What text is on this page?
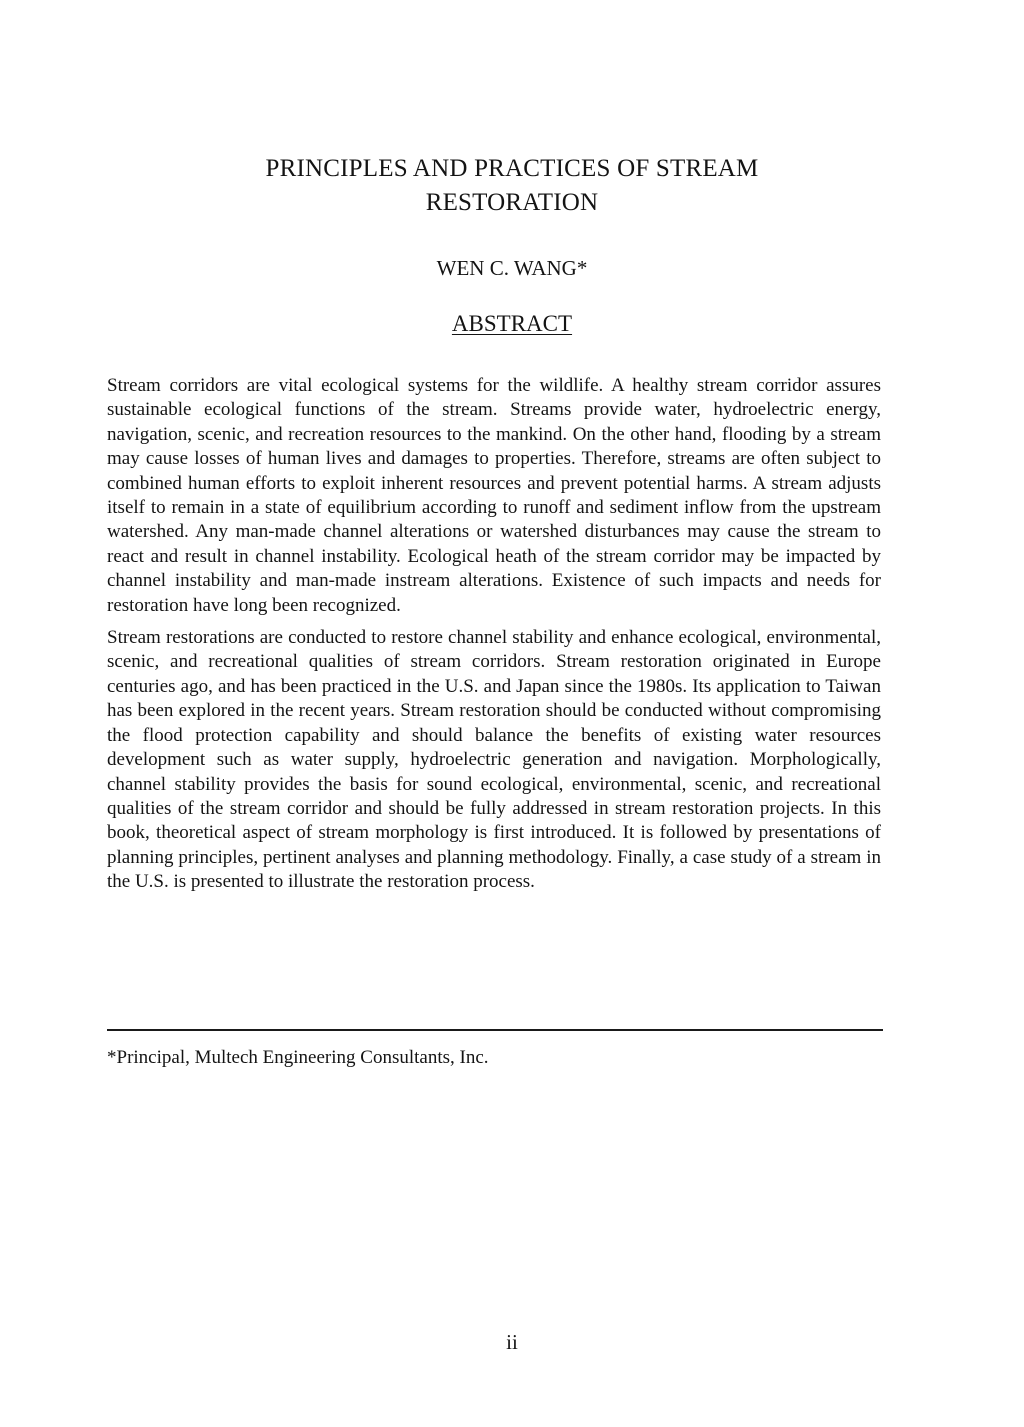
PRINCIPLES AND PRACTICES OF STREAM
RESTORATION
WEN C. WANG*
ABSTRACT

Stream corridors are vital ecological systems for the wildlife. A healthy stream corridor assures sustainable ecological functions of the stream. Streams provide water, hydroelectric energy, navigation, scenic, and recreation resources to the mankind. On the other hand, flooding by a stream may cause losses of human lives and damages to properties. Therefore, streams are often subject to combined human efforts to exploit inherent resources and prevent potential harms. A stream adjusts itself to remain in a state of equilibrium according to runoff and sediment inflow from the upstream watershed. Any man-made channel alterations or watershed disturbances may cause the stream to react and result in channel instability. Ecological heath of the stream corridor may be impacted by channel instability and man-made instream alterations. Existence of such impacts and needs for restoration have long been recognized.

Stream restorations are conducted to restore channel stability and enhance ecological, environmental, scenic, and recreational qualities of stream corridors. Stream restoration originated in Europe centuries ago, and has been practiced in the U.S. and Japan since the 1980s. Its application to Taiwan has been explored in the recent years. Stream restoration should be conducted without compromising the flood protection capability and should balance the benefits of existing water resources development such as water supply, hydroelectric generation and navigation. Morphologically, channel stability provides the basis for sound ecological, environmental, scenic, and recreational qualities of the stream corridor and should be fully addressed in stream restoration projects. In this book, theoretical aspect of stream morphology is first introduced. It is followed by presentations of planning principles, pertinent analyses and planning methodology. Finally, a case study of a stream in the U.S. is presented to illustrate the restoration process.

*Principal, Multech Engineering Consultants, Inc.
ii
